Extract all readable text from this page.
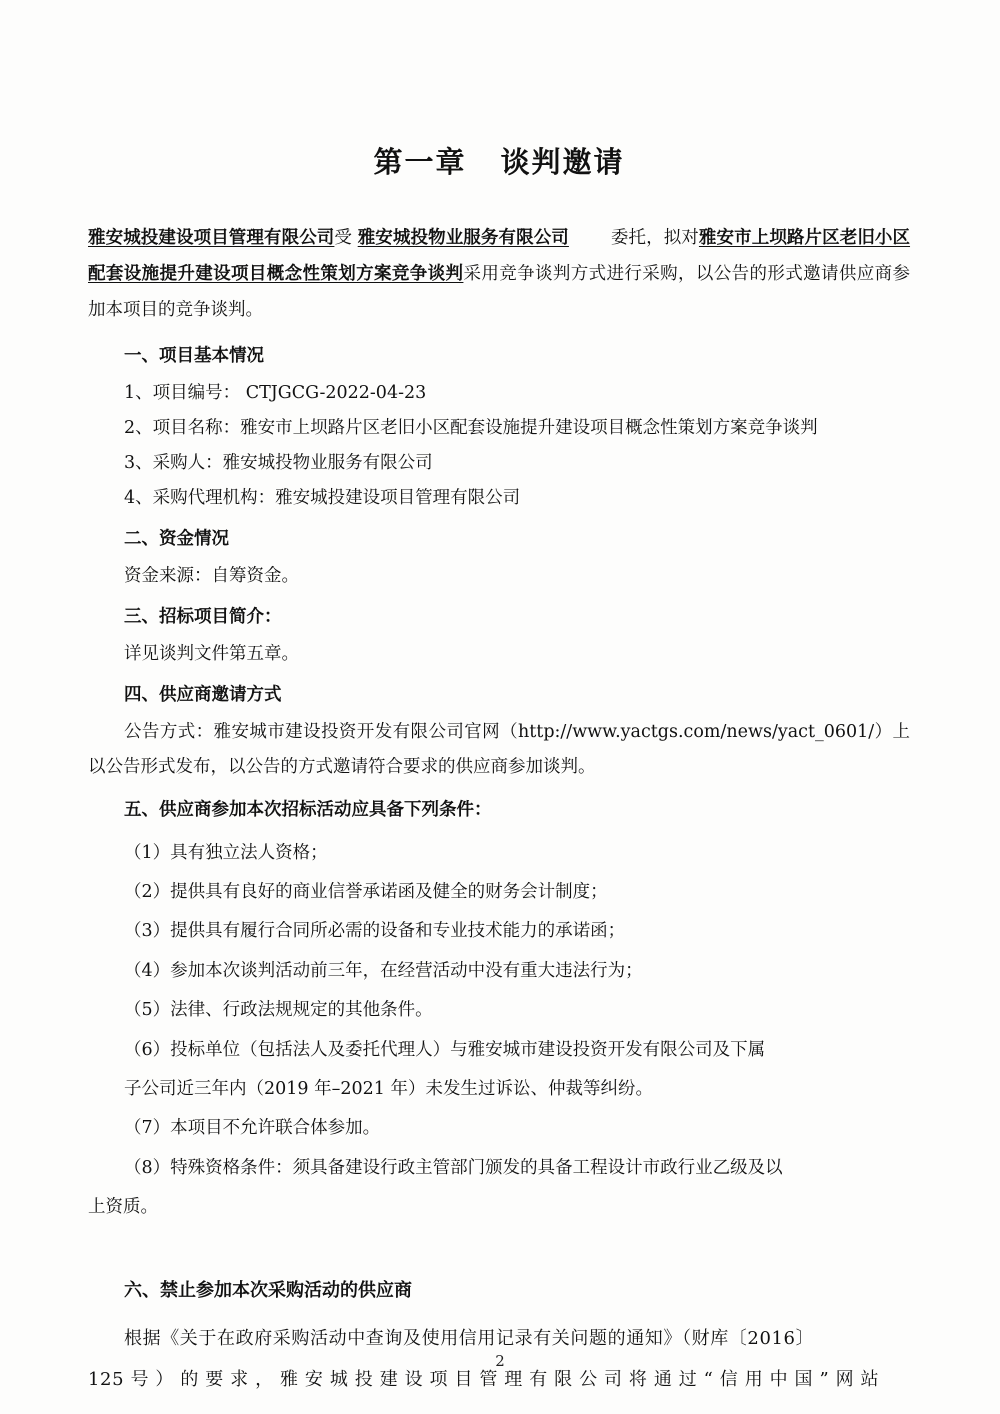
第一章 谈判邀请

雅安城投建设项目管理有限公司受 雅安城投物业服务有限公司 委托，拟对雅安市上坝路片区老旧小区配套设施提升建设项目概念性策划方案竞争谈判采用竞争谈判方式进行采购，以公告的形式邀请供应商参加本项目的竞争谈判。

一、项目基本情况

1、项目编号： CTJGCG-2022-04-23

2、项目名称：雅安市上坝路片区老旧小区配套设施提升建设项目概念性策划方案竞争谈判

3、采购人：雅安城投物业服务有限公司

4、采购代理机构：雅安城投建设项目管理有限公司

二、资金情况

资金来源：自筹资金。

三、招标项目简介：

详见谈判文件第五章。

四、供应商邀请方式

公告方式：雅安城市建设投资开发有限公司官网（http://www.yactgs.com/news/yact_0601/）上以公告形式发布，以公告的方式邀请符合要求的供应商参加谈判。

五、供应商参加本次招标活动应具备下列条件：

（1）具有独立法人资格；

（2）提供具有良好的商业信誉承诺函及健全的财务会计制度；

（3）提供具有履行合同所必需的设备和专业技术能力的承诺函；

（4）参加本次谈判活动前三年，在经营活动中没有重大违法行为；

（5）法律、行政法规规定的其他条件。

（6）投标单位（包括法人及委托代理人）与雅安城市建设投资开发有限公司及下属

子公司近三年内（2019 年–2021 年）未发生过诉讼、仲裁等纠纷。

（7）本项目不允许联合体参加。

（8）特殊资格条件：须具备建设行政主管部门颁发的具备工程设计市政行业乙级及以

上资质。

六、禁止参加本次采购活动的供应商

根据《关于在政府采购活动中查询及使用信用记录有关问题的通知》（财库〔2016〕

125 号 ） 的 要 求 ， 雅 安 城 投 建 设 项 目 管 理 有 限 公 司 将 通 过 “ 信 用 中 国 ” 网 站

2
